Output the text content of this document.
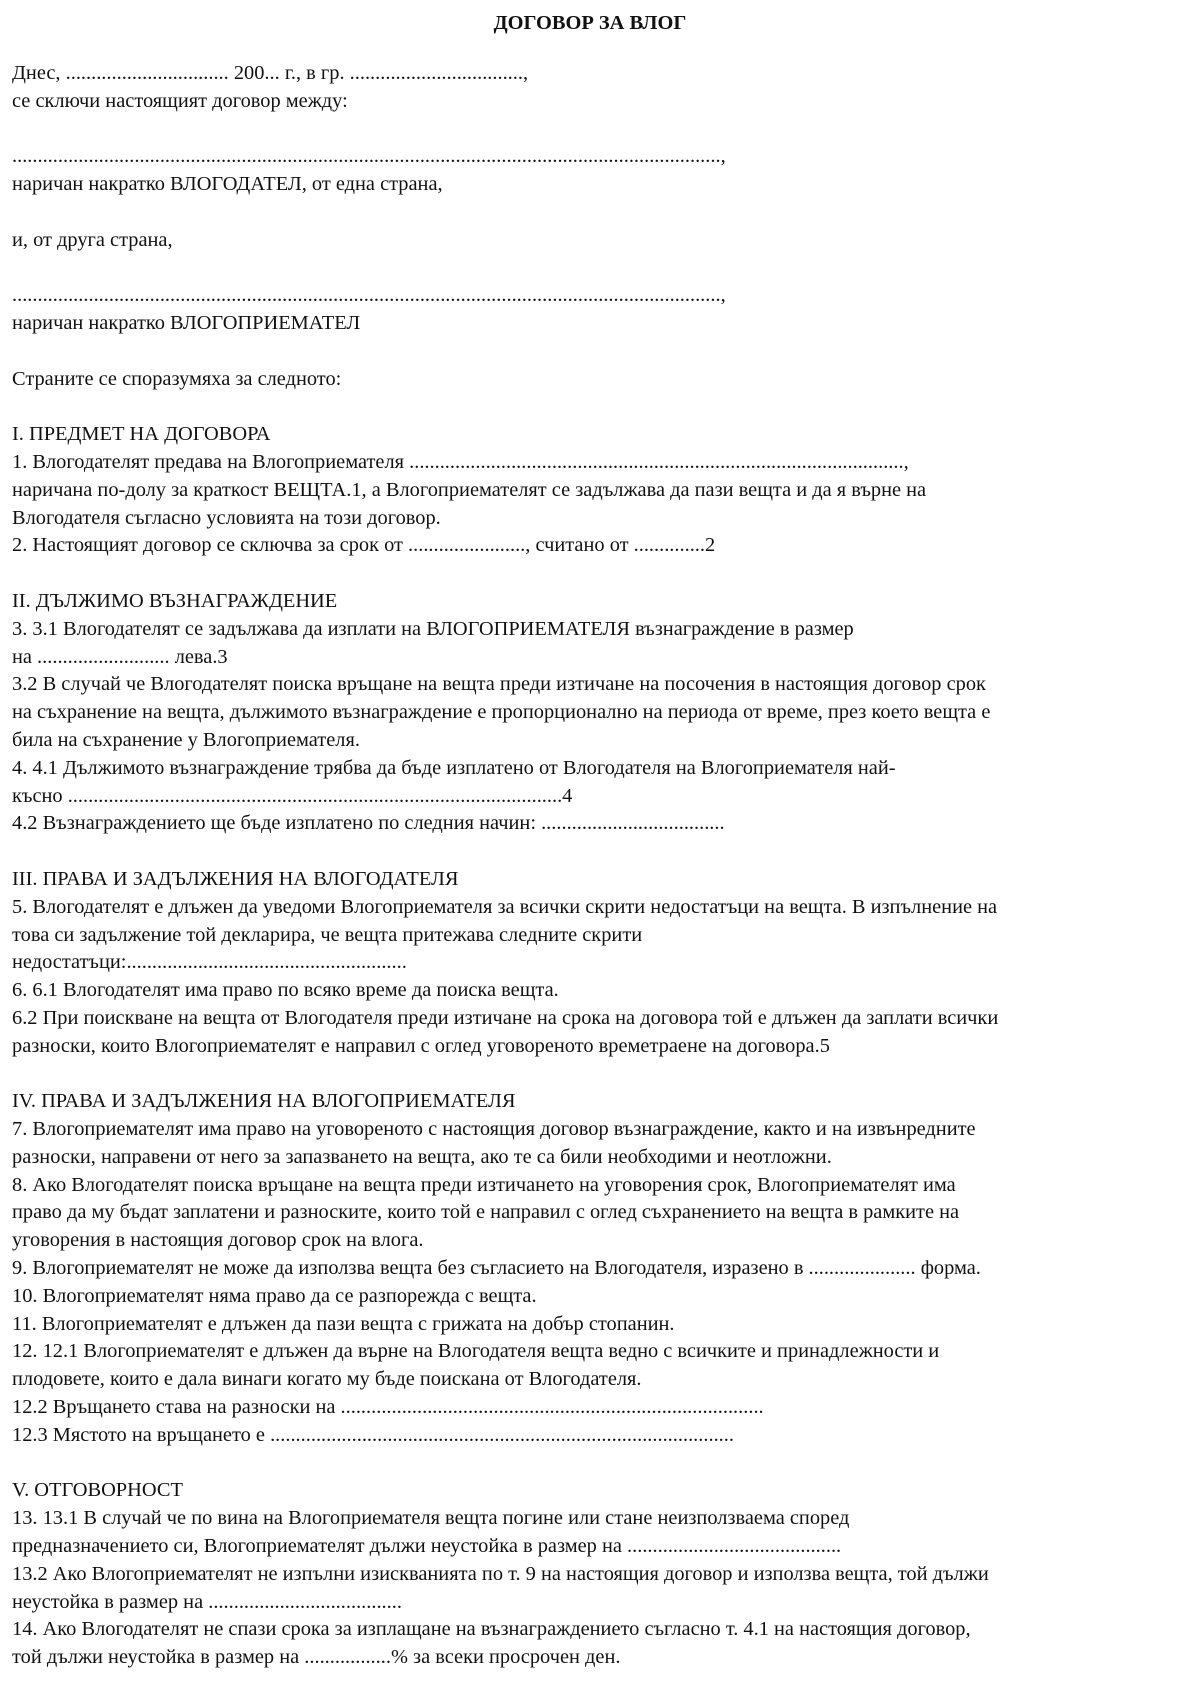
ДОГОВОР ЗА ВЛОГ
Днес, ................................ 200... г., в гр. ..................................,
се сключи настоящият договор между:
...........................................................................................................................................,
наричан накратко ВЛОГОДАТЕЛ, от една страна,
и, от друга страна,
...........................................................................................................................................,
наричан накратко ВЛОГОПРИЕМАТЕЛ
Страните се споразумяха за следното:
I. ПРЕДМЕТ НА ДОГОВОРА
1. Влогодателят предава на Влогоприемателя .................................................................................................,
наричана по-долу за краткост ВЕЩТА.1, а Влогоприемателят се задължава да пази вещта и да я върне на
Влогодателя съгласно условията на този договор.
2. Настоящият договор се сключва за срок от ......................., считано от ..............2
II. ДЪЛЖИМО ВЪЗНАГРАЖДЕНИЕ
3. 3.1 Влогодателят се задължава да изплати на ВЛОГОПРИЕМАТЕЛЯ възнаграждение в размер
на .......................... лева.3
3.2 В случай че Влогодателят поиска връщане на вещта преди изтичане на посочения в настоящия договор срок
на съхранение на вещта, дължимото възнаграждение е пропорционално на периода от време, през което вещта е
била на съхранение у Влогоприемателя.
4. 4.1 Дължимото възнаграждение трябва да бъде изплатено от Влогодателя на Влогоприемателя най-
късно .................................................................................................4
4.2 Възнаграждението ще бъде изплатено по следния начин: ....................................
III. ПРАВА И ЗАДЪЛЖЕНИЯ НА ВЛОГОДАТЕЛЯ
5. Влогодателят е длъжен да уведоми Влогоприемателя за всички скрити недостатъци на вещта. В изпълнение на
това си задължение той декларира, че вещта притежава следните скрити
недостатъци:.......................................................
6. 6.1 Влогодателят има право по всяко време да поиска вещта.
6.2 При поискване на вещта от Влогодателя преди изтичане на срока на договора той е длъжен да заплати всички
разноски, които Влогоприемателят е направил с оглед уговореното времетраене на договора.5
IV. ПРАВА И ЗАДЪЛЖЕНИЯ НА ВЛОГОПРИЕМАТЕЛЯ
7. Влогоприемателят има право на уговореното с настоящия договор възнаграждение, както и на извънредните
разноски, направени от него за запазването на вещта, ако те са били необходими и неотложни.
8. Ако Влогодателят поиска връщане на вещта преди изтичането на уговорения срок, Влогоприемателят има
право да му бъдат заплатени и разноските, които той е направил с оглед съхранението на вещта в рамките на
уговорения в настоящия договор срок на влога.
9. Влогоприемателят не може да използва вещта без съгласието на Влогодателя, изразено в ..................... форма.
10. Влогоприемателят няма право да се разпорежда с вещта.
11. Влогоприемателят е длъжен да пази вещта с грижата на добър стопанин.
12. 12.1 Влогоприемателят е длъжен да върне на Влогодателя вещта ведно с всичките и принадлежности и
плодовете, които е дала винаги когато му бъде поискана от Влогодателя.
12.2 Връщането става на разноски на ...................................................................................
12.3 Мястото на връщането е ...........................................................................................
V. ОТГОВОРНОСТ
13. 13.1 В случай че по вина на Влогоприемателя вещта погине или стане неизползваема според
предназначението си, Влогоприемателят дължи неустойка в размер на ..........................................
13.2 Ако Влогоприемателят не изпълни изискванията по т. 9 на настоящия договор и използва вещта, той дължи
неустойка в размер на ......................................
14. Ако Влогодателят не спази срока за изплащане на възнаграждението съгласно т. 4.1 на настоящия договор,
той дължи неустойка в размер на .................% за всеки просрочен ден.
